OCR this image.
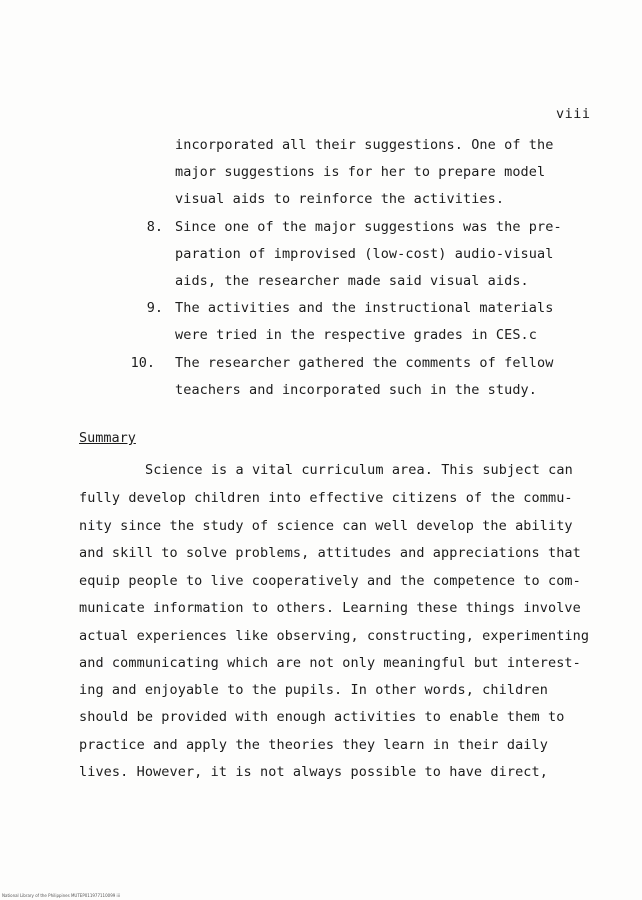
viii
incorporated all their suggestions. One of the
major suggestions is for her to prepare model
visual aids to reinforce the activities.
8. Since one of the major suggestions was the pre-
paration of improvised (low-cost) audio-visual
aids, the researcher made said visual aids.
9. The activities and the instructional materials
were tried in the respective grades in CES.c
10. The researcher gathered the comments of fellow
teachers and incorporated such in the study.
Summary
Science is a vital curriculum area. This subject can
fully develop children into effective citizens of the commu-
nity since the study of science can well develop the ability
and skill to solve problems, attitudes and appreciations that
equip people to live cooperatively and the competence to com-
municate information to others. Learning these things involve
actual experiences like observing, constructing, experimenting
and communicating which are not only meaningful but interest-
ing and enjoyable to the pupils. In other words, children
should be provided with enough activities to enable them to
practice and apply the theories they learn in their daily
lives. However, it is not always possible to have direct,
National Library of the Philippines MUTEP011977110099 iii
